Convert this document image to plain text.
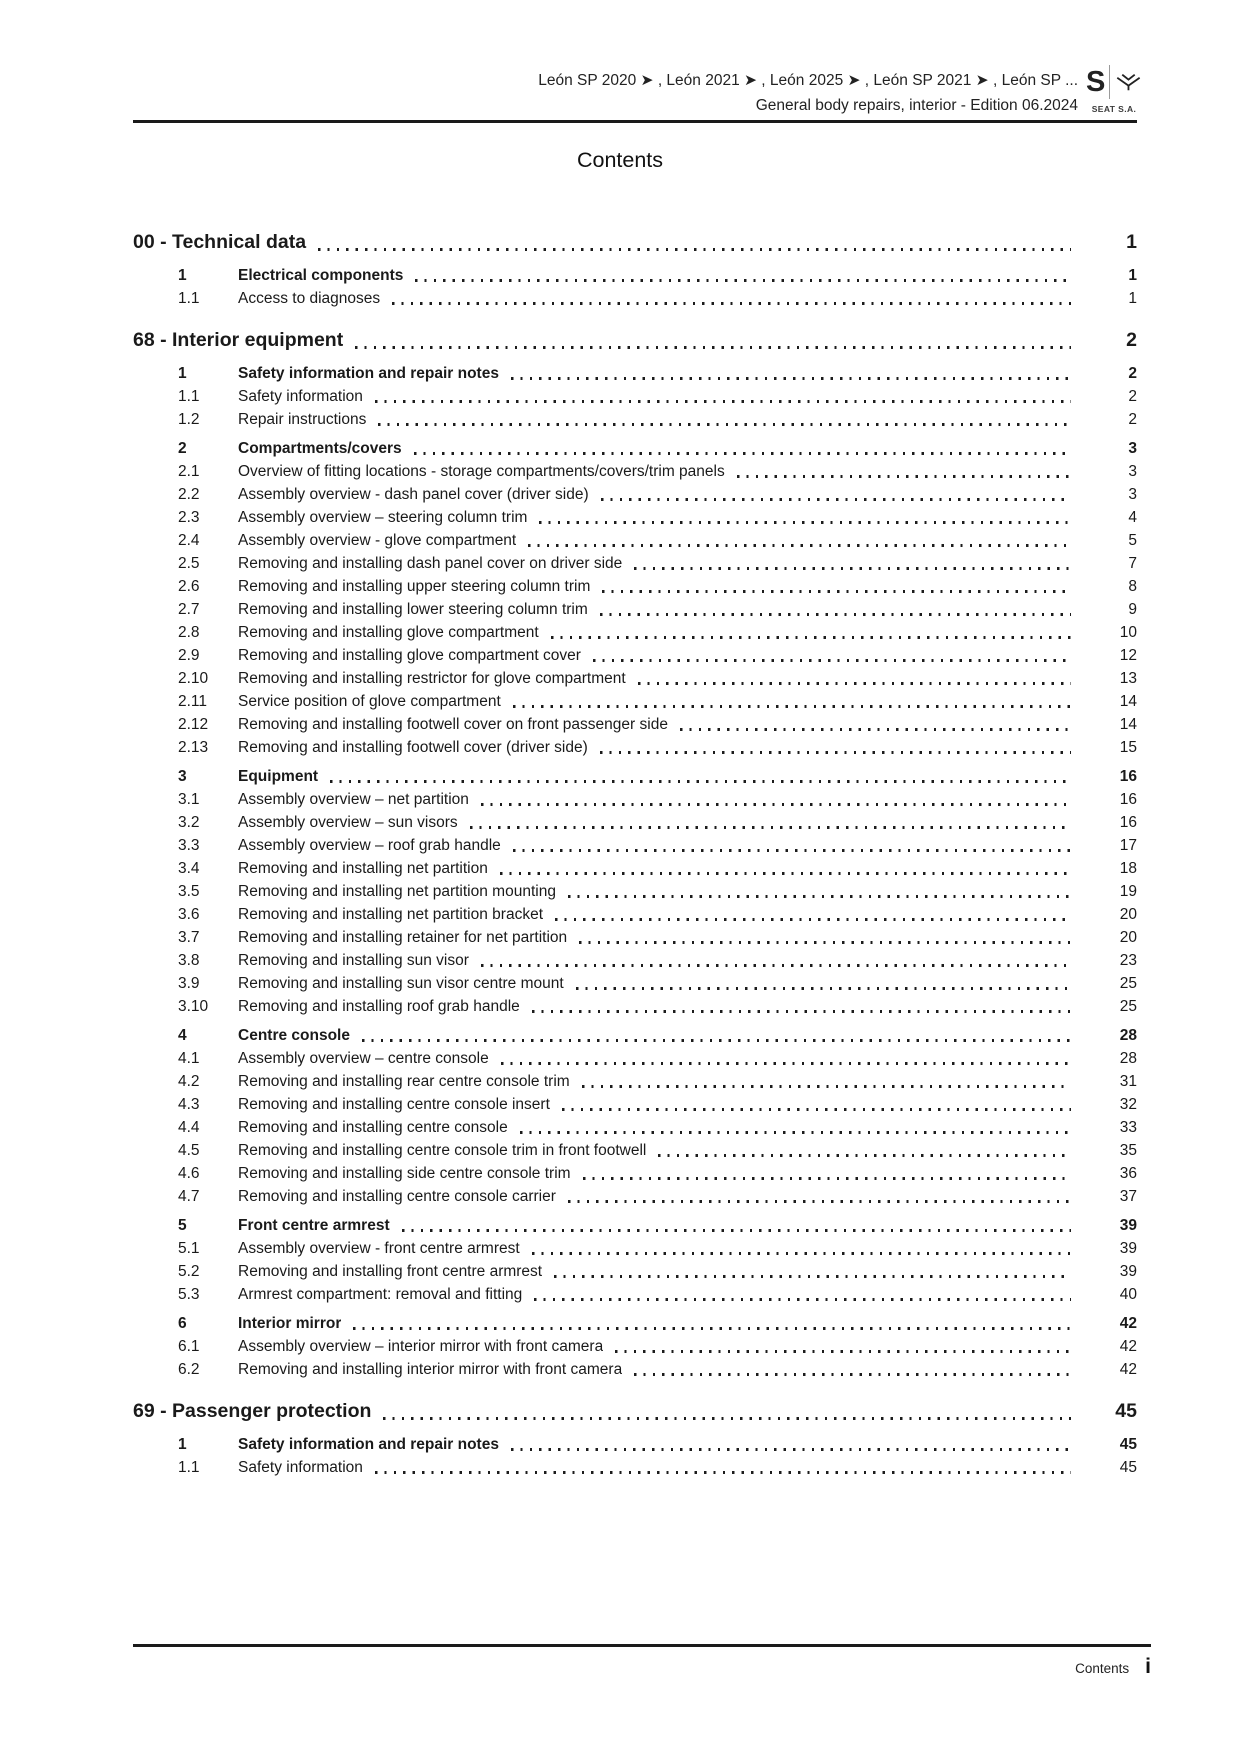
León SP 2020 ➤ , León 2021 ➤ , León 2025 ➤ , León SP 2021 ➤ , León SP ...
General body repairs, interior - Edition 06.2024
S
SEAT S.A.
Contents
00 - Technical data	1
1	Electrical components	1
1.1	Access to diagnoses	1
68 - Interior equipment	2
1	Safety information and repair notes	2
1.1	Safety information	2
1.2	Repair instructions	2
2	Compartments/covers	3
2.1	Overview of fitting locations - storage compartments/covers/trim panels	3
2.2	Assembly overview - dash panel cover (driver side)	3
2.3	Assembly overview – steering column trim	4
2.4	Assembly overview - glove compartment	5
2.5	Removing and installing dash panel cover on driver side	7
2.6	Removing and installing upper steering column trim	8
2.7	Removing and installing lower steering column trim	9
2.8	Removing and installing glove compartment	10
2.9	Removing and installing glove compartment cover	12
2.10	Removing and installing restrictor for glove compartment	13
2.11	Service position of glove compartment	14
2.12	Removing and installing footwell cover on front passenger side	14
2.13	Removing and installing footwell cover (driver side)	15
3	Equipment	16
3.1	Assembly overview – net partition	16
3.2	Assembly overview – sun visors	16
3.3	Assembly overview – roof grab handle	17
3.4	Removing and installing net partition	18
3.5	Removing and installing net partition mounting	19
3.6	Removing and installing net partition bracket	20
3.7	Removing and installing retainer for net partition	20
3.8	Removing and installing sun visor	23
3.9	Removing and installing sun visor centre mount	25
3.10	Removing and installing roof grab handle	25
4	Centre console	28
4.1	Assembly overview – centre console	28
4.2	Removing and installing rear centre console trim	31
4.3	Removing and installing centre console insert	32
4.4	Removing and installing centre console	33
4.5	Removing and installing centre console trim in front footwell	35
4.6	Removing and installing side centre console trim	36
4.7	Removing and installing centre console carrier	37
5	Front centre armrest	39
5.1	Assembly overview - front centre armrest	39
5.2	Removing and installing front centre armrest	39
5.3	Armrest compartment: removal and fitting	40
6	Interior mirror	42
6.1	Assembly overview – interior mirror with front camera	42
6.2	Removing and installing interior mirror with front camera	42
69 - Passenger protection	45
1	Safety information and repair notes	45
1.1	Safety information	45
Contents i
